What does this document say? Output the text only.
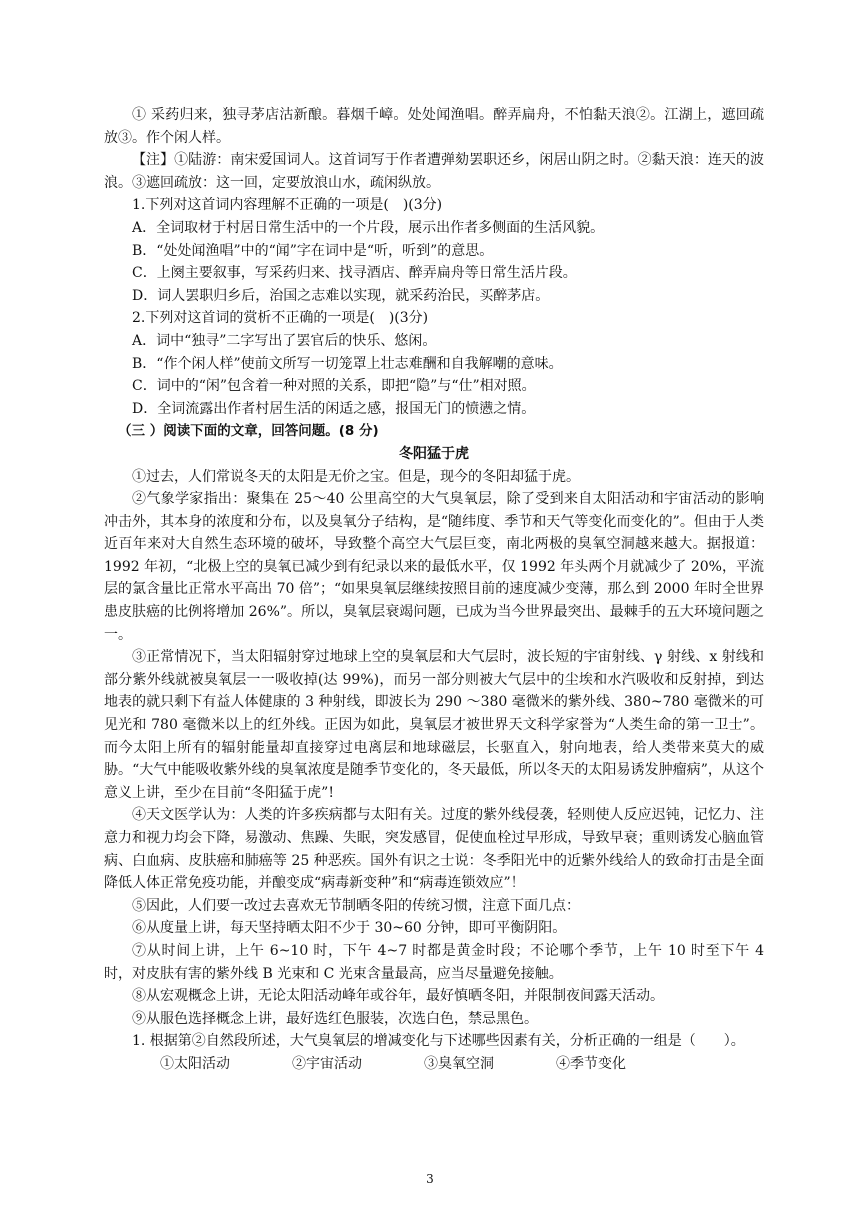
① 采药归来，独寻茅店沽新酿。暮烟千嶂。处处闻渔唱。醉弄扁舟，不怕黏天浪②。江湖上，遮回疏放③。作个闲人样。

【注】①陆游：南宋爱国词人。这首词写于作者遭弹劾罢职还乡，闲居山阴之时。②黏天浪：连天的波浪。③遮回疏放：这一回，定要放浪山水，疏闲纵放。

1.下列对这首词内容理解不正确的一项是(　)(3分)

A．全词取材于村居日常生活中的一个片段，展示出作者多侧面的生活风貌。

B．“处处闻渔唱”中的“闻”字在词中是“听，听到”的意思。

C．上阕主要叙事，写采药归来、找寻酒店、醉弄扁舟等日常生活片段。

D．词人罢职归乡后，治国之志难以实现，就采药治民，买醉茅店。

2.下列对这首词的赏析不正确的一项是(　)(3分)

A．词中“独寻”二字写出了罢官后的快乐、悠闲。

B．“作个闲人样”使前文所写一切笼罩上壮志难酬和自我解嘲的意味。

C．词中的“闲”包含着一种对照的关系，即把“隐”与“仕”相对照。

D．全词流露出作者村居生活的闲适之感，报国无门的愤懑之情。

（三 ）阅读下面的文章，回答问题。(8 分)

冬阳猛于虎

①过去，人们常说冬天的太阳是无价之宝。但是，现今的冬阳却猛于虎。

②气象学家指出：聚集在 25～40 公里高空的大气臭氧层，除了受到来自太阳活动和宇宙活动的影响冲击外，其本身的浓度和分布，以及臭氧分子结构，是“随纬度、季节和天气等变化而变化的”。但由于人类近百年来对大自然生态环境的破坏，导致整个高空大气层巨变，南北两极的臭氧空洞越来越大。据报道：1992 年初，“北极上空的臭氧已减少到有纪录以来的最低水平，仅 1992 年头两个月就减少了 20%，平流层的氯含量比正常水平高出 70 倍”；“如果臭氧层继续按照目前的速度减少变薄，那么到 2000 年时全世界患皮肤癌的比例将增加 26%”。所以，臭氧层衰竭问题，已成为当今世界最突出、最棘手的五大环境问题之一。

③正常情况下，当太阳辐射穿过地球上空的臭氧层和大气层时，波长短的宇宙射线、γ 射线、x 射线和部分紫外线就被臭氧层一一吸收掉(达 99%)，而另一部分则被大气层中的尘埃和水汽吸收和反射掉，到达地表的就只剩下有益人体健康的 3 种射线，即波长为 290 ～380 毫微米的紫外线、380~780 毫微米的可见光和 780 毫微米以上的红外线。正因为如此，臭氧层才被世界天文科学家誉为“人类生命的第一卫士”。而今太阳上所有的辐射能量却直接穿过电离层和地球磁层，长驱直入，射向地表，给人类带来莫大的威胁。“大气中能吸收紫外线的臭氧浓度是随季节变化的，冬天最低，所以冬天的太阳易诱发肿瘤病”，从这个意义上讲，至少在目前“冬阳猛于虎”!

④天文医学认为：人类的许多疾病都与太阳有关。过度的紫外线侵袭，轻则使人反应迟钝，记忆力、注意力和视力均会下降，易激动、焦躁、失眠，突发感冒，促使血栓过早形成，导致早衰；重则诱发心脑血管病、白血病、皮肤癌和肺癌等 25 种恶疾。国外有识之士说：冬季阳光中的近紫外线给人的致命打击是全面降低人体正常免疫功能，并酿变成“病毒新变种”和“病毒连锁效应”！

⑤因此，人们要一改过去喜欢无节制晒冬阳的传统习惯，注意下面几点：

⑥从度量上讲，每天坚持晒太阳不少于 30~60 分钟，即可平衡阴阳。

⑦从时间上讲，上午 6~10 时，下午 4~7 时都是黄金时段；不论哪个季节，上午 10 时至下午 4 时，对皮肤有害的紫外线 B 光束和 C 光束含量最高，应当尽量避免接触。

⑧从宏观概念上讲，无论太阳活动峰年或谷年，最好慎晒冬阳，并限制夜间露天活动。

⑨从服色选择概念上讲，最好选红色服装，次选白色，禁忌黑色。

1. 根据第②自然段所述，大气臭氧层的增减变化与下述哪些因素有关，分析正确的一组是（　　）。

①太阳活动	②宇宙活动	③臭氧空洞	④季节变化

3
